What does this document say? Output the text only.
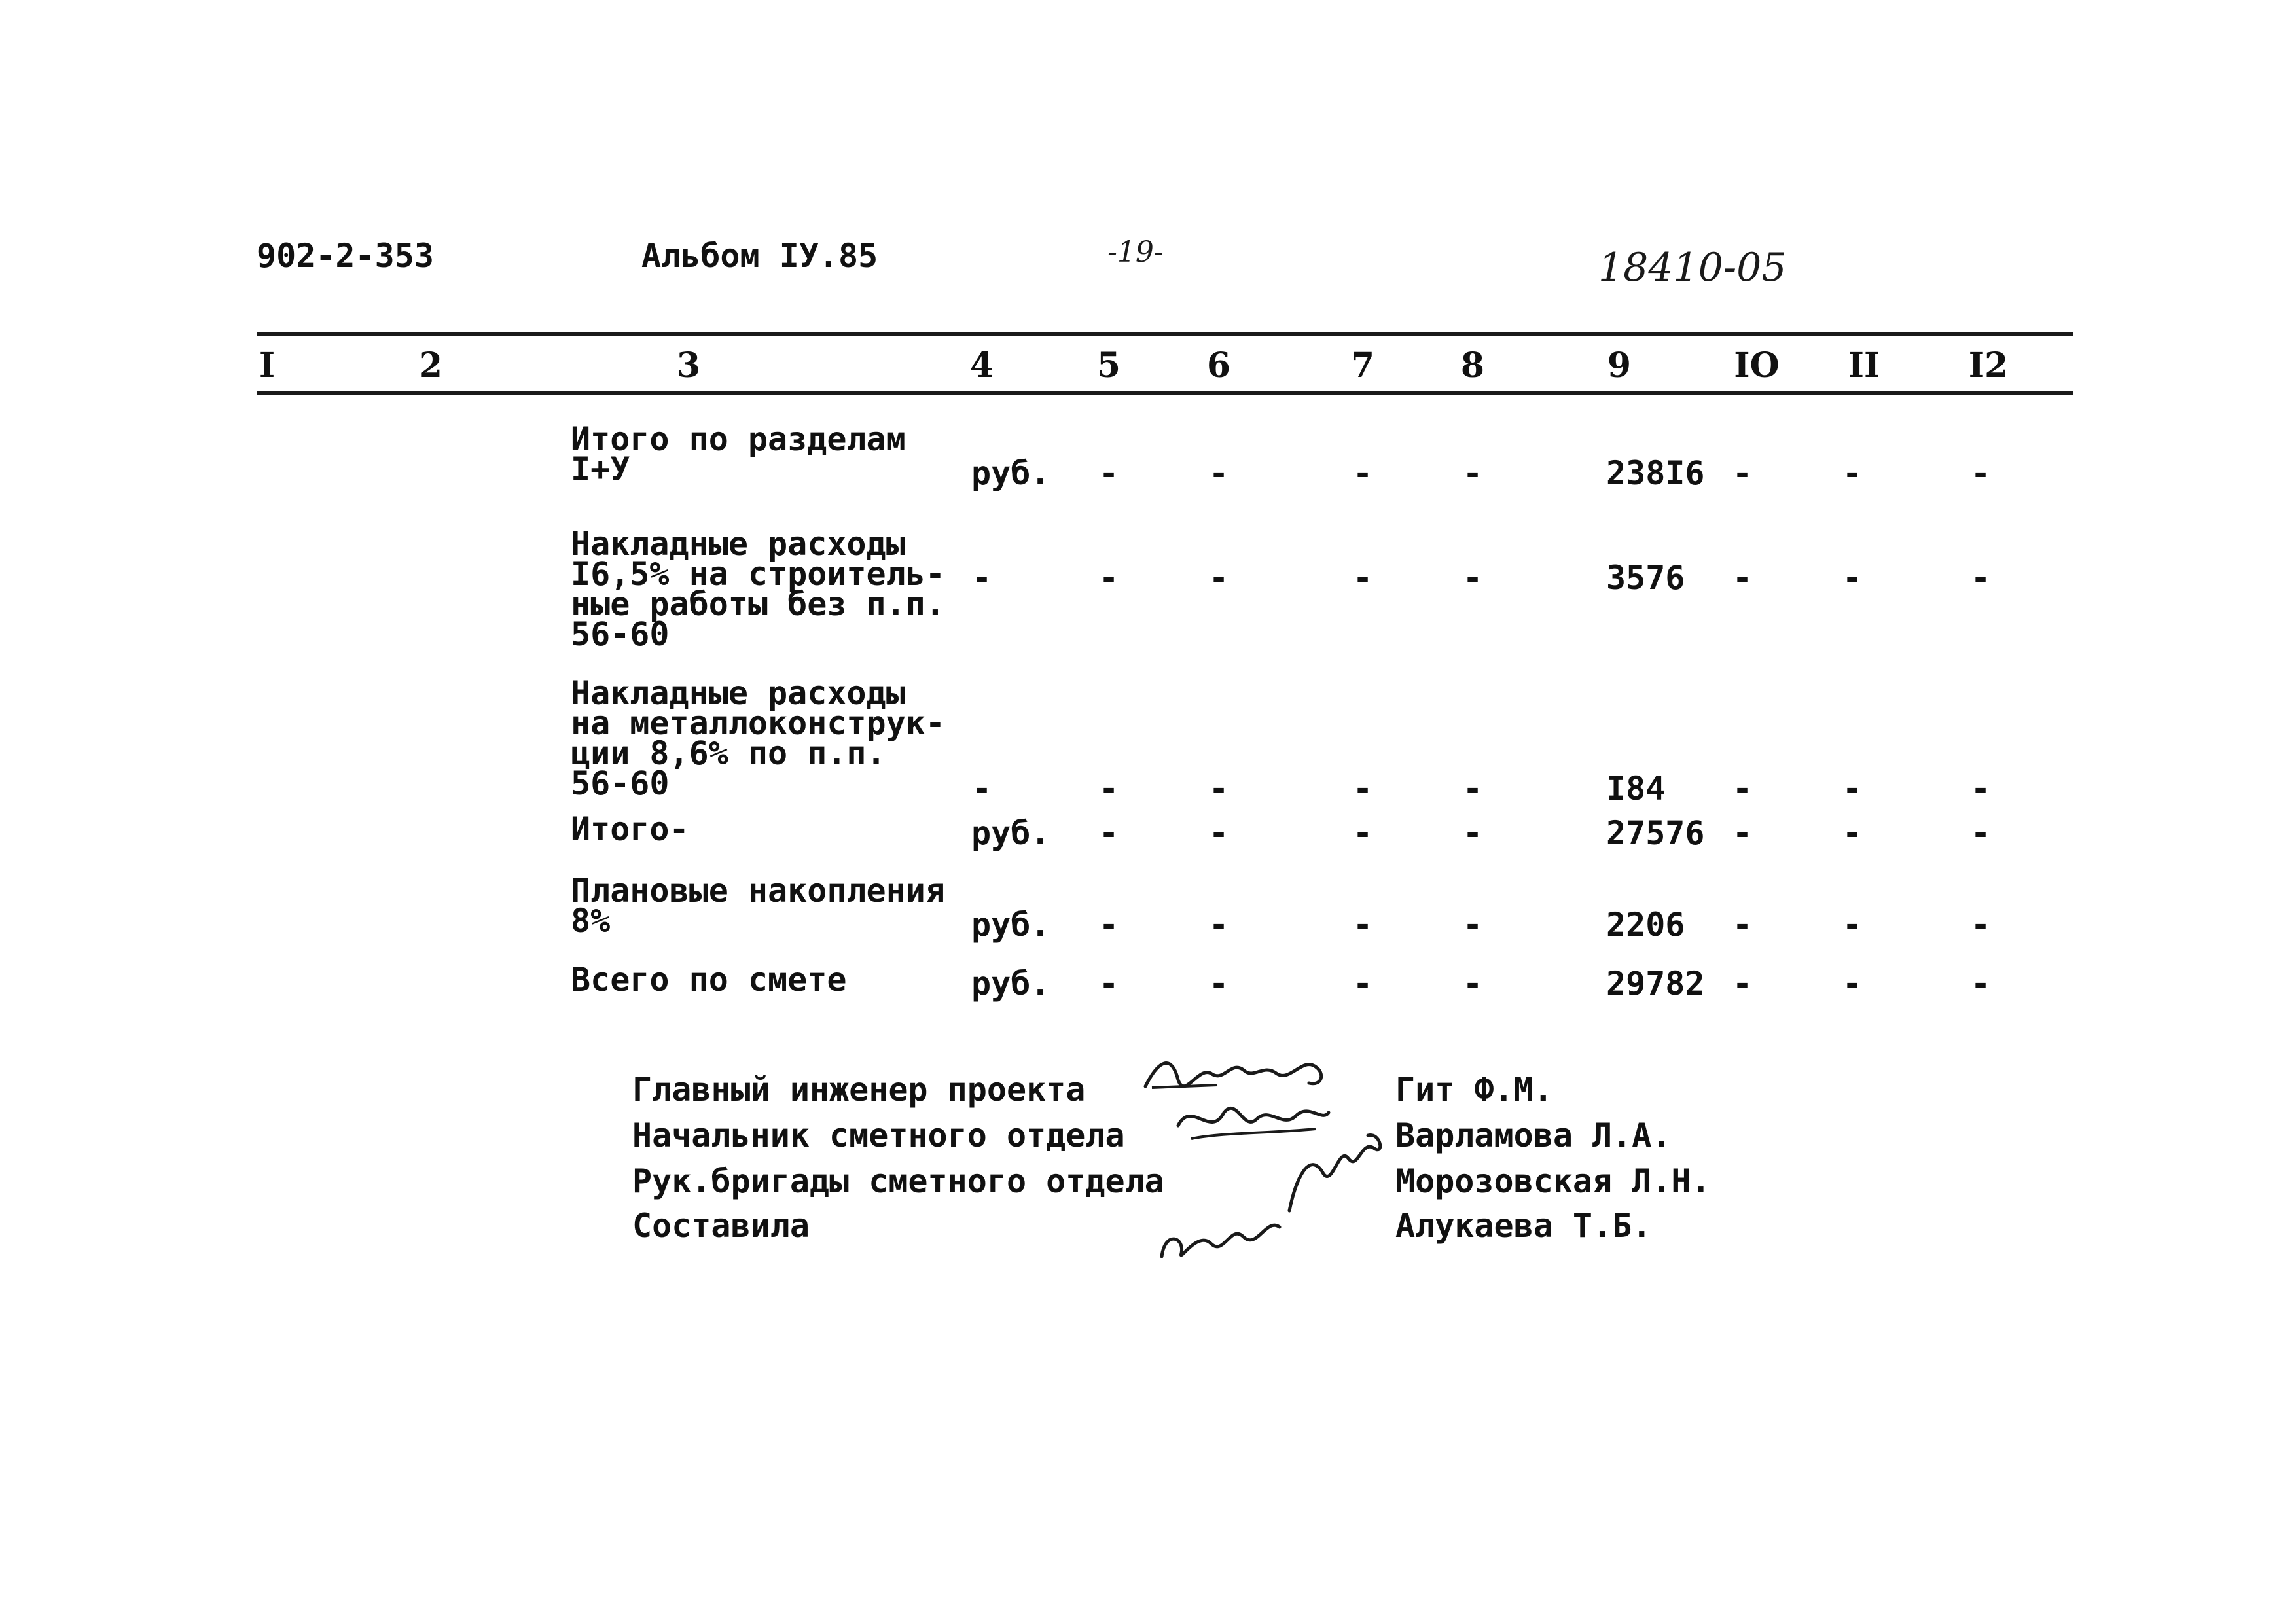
902-2-353	Альбом IУ.85	-19-	18410-05
I	2	3	4	5	6	7	8	9	IO	II	I2
Итого по разделам
I+У	руб.	-	-	-	-	238I6 -	-	-
Накладные расходы
I6,5% на строитель-
ные работы без п.п.
56-60
-	-	-	-	-	3576	-	-	-
Накладные расходы
на металлоконструк-
ции 8,6% по п.п.
56-60	-	-	-	-	-	I84	-	-	-
Итого-	руб.	-	-	-	-	27576 -	-	-
Плановые накопления
8%	руб.	-	-	-	-	2206	-	-	-
Всего по смете	руб.	-	-	-	-	29782 -	-	-
Главный инженер проекта	Гит Ф.М.
Начальник сметного отдела	Варламова Л.А.
Рук.бригады сметного отдела	Морозовская Л.Н.
Составила	Алукаева Т.Б.
